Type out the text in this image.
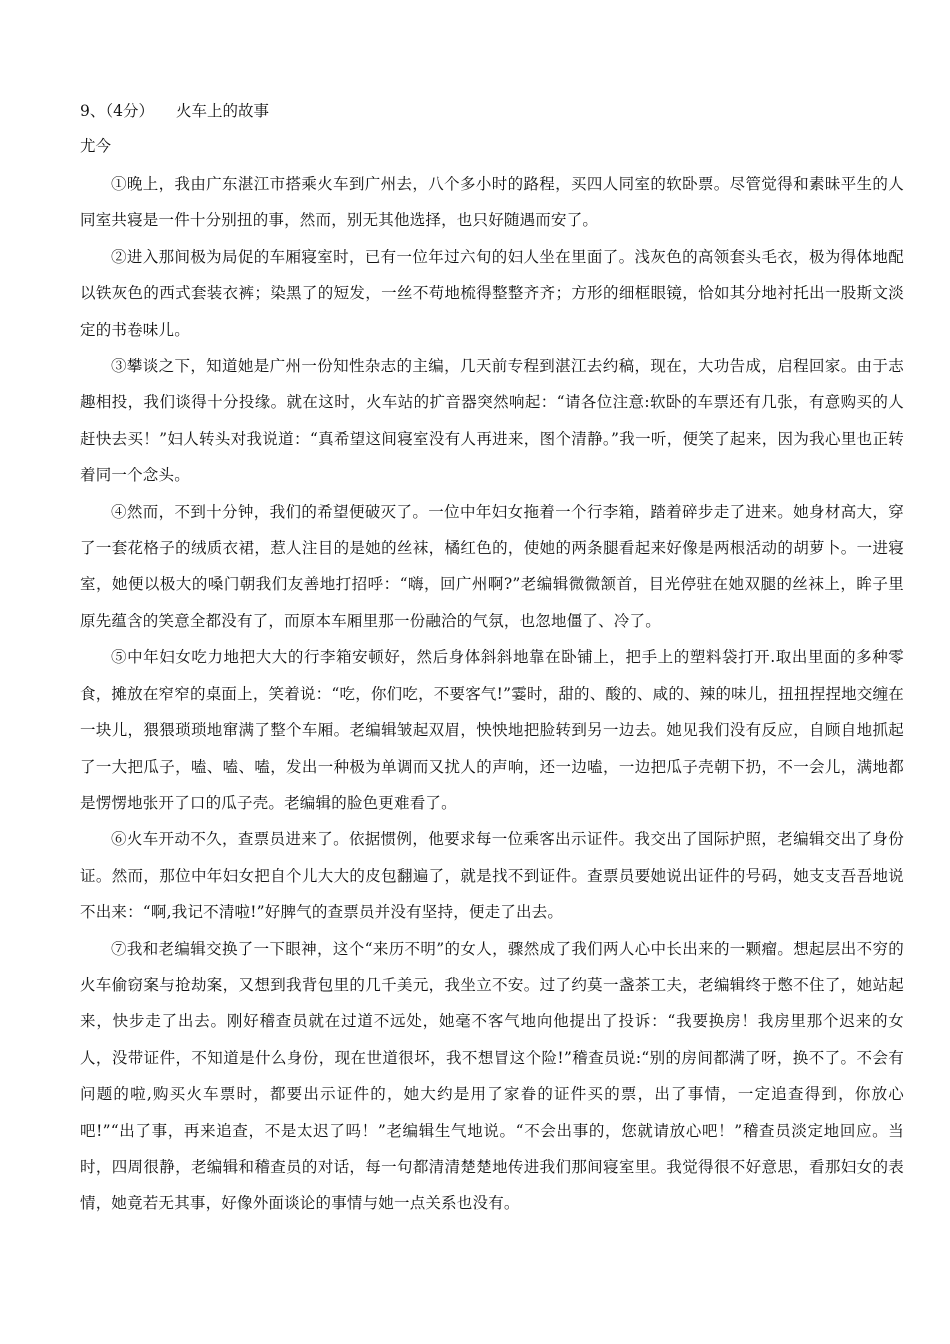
9、（4分） 火车上的故事
尤今

①晚上，我由广东湛江市搭乘火车到广州去，八个多小时的路程，买四人同室的软卧票。尽管觉得和素昧平生的人同室共寝是一件十分别扭的事，然而，别无其他选择，也只好随遇而安了。

②进入那间极为局促的车厢寝室时，已有一位年过六旬的妇人坐在里面了。浅灰色的高领套头毛衣，极为得体地配以铁灰色的西式套装衣裤；染黑了的短发，一丝不苟地梳得整整齐齐；方形的细框眼镜，恰如其分地衬托出一股斯文淡定的书卷味儿。

③攀谈之下，知道她是广州一份知性杂志的主编，几天前专程到湛江去约稿，现在，大功告成，启程回家。由于志趣相投，我们谈得十分投缘。就在这时，火车站的扩音器突然响起：“请各位注意:软卧的车票还有几张，有意购买的人赶快去买！”妇人转头对我说道：“真希望这间寝室没有人再进来，图个清静。”我一听，便笑了起来，因为我心里也正转着同一个念头。

④然而，不到十分钟，我们的希望便破灭了。一位中年妇女拖着一个行李箱，踏着碎步走了进来。她身材高大，穿了一套花格子的绒质衣裙，惹人注目的是她的丝袜，橘红色的，使她的两条腿看起来好像是两根活动的胡萝卜。一进寝室，她便以极大的嗓门朝我们友善地打招呼：“嗨，回广州啊?”老编辑微微颔首，目光停驻在她双腿的丝袜上，眸子里原先蕴含的笑意全都没有了，而原本车厢里那一份融洽的气氛，也忽地僵了、冷了。

⑤中年妇女吃力地把大大的行李箱安顿好，然后身体斜斜地靠在卧铺上，把手上的塑料袋打开.取出里面的多种零食，摊放在窄窄的桌面上，笑着说：“吃，你们吃，不要客气!”霎时，甜的、酸的、咸的、辣的味儿，扭扭捏捏地交缠在一块儿，猥猥琐琐地窜满了整个车厢。老编辑皱起双眉，怏怏地把脸转到另一边去。她见我们没有反应，自顾自地抓起了一大把瓜子，嗑、嗑、嗑，发出一种极为单调而又扰人的声响，还一边嗑，一边把瓜子壳朝下扔，不一会儿，满地都是愣愣地张开了口的瓜子壳。老编辑的脸色更难看了。

⑥火车开动不久，查票员进来了。依据惯例，他要求每一位乘客出示证件。我交出了国际护照，老编辑交出了身份证。然而，那位中年妇女把自个儿大大的皮包翻遍了，就是找不到证件。查票员要她说出证件的号码，她支支吾吾地说不出来：“啊,我记不清啦!”好脾气的查票员并没有坚持，便走了出去。

⑦我和老编辑交换了一下眼神，这个“来历不明”的女人，骤然成了我们两人心中长出来的一颗瘤。想起层出不穷的火车偷窃案与抢劫案，又想到我背包里的几千美元，我坐立不安。过了约莫一盏茶工夫，老编辑终于憋不住了，她站起来，快步走了出去。刚好稽查员就在过道不远处，她毫不客气地向他提出了投诉：“我要换房！我房里那个迟来的女人，没带证件，不知道是什么身份，现在世道很坏，我不想冒这个险!”稽查员说:“别的房间都满了呀，换不了。不会有问题的啦,购买火车票时，都要出示证件的，她大约是用了家眷的证件买的票，出了事情，一定追查得到，你放心吧!”“出了事，再来追查，不是太迟了吗！”老编辑生气地说。“不会出事的，您就请放心吧！”稽查员淡定地回应。当时，四周很静，老编辑和稽查员的对话，每一句都清清楚楚地传进我们那间寝室里。我觉得很不好意思，看那妇女的表情，她竟若无其事，好像外面谈论的事情与她一点关系也没有。
